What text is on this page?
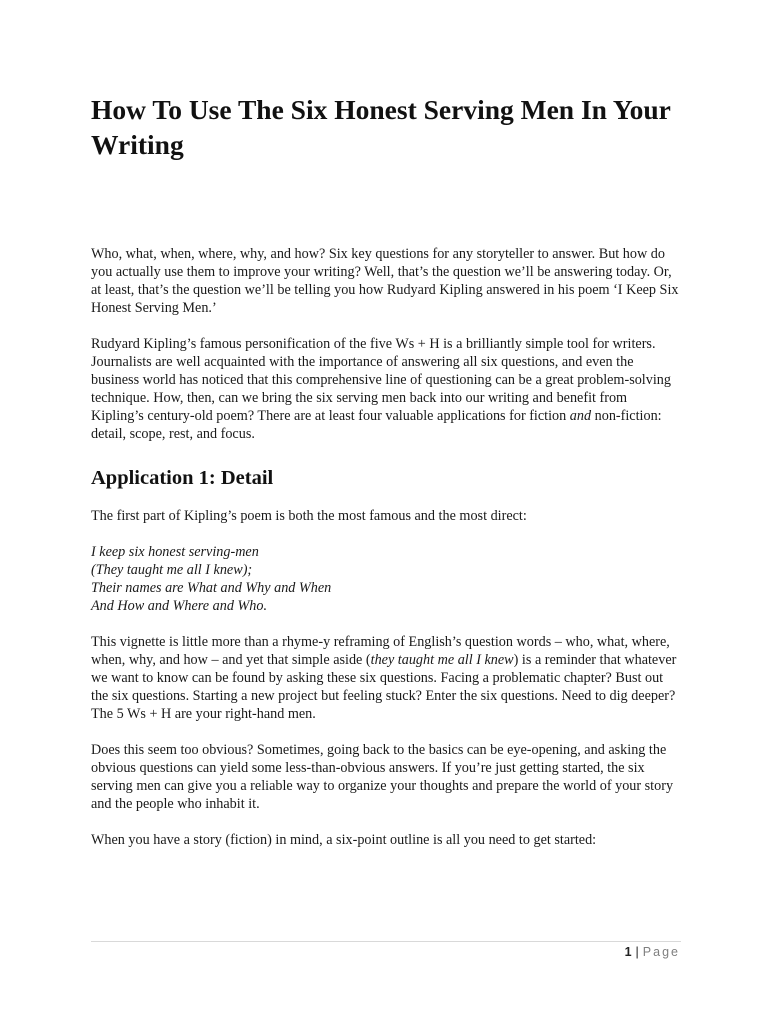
How To Use The Six Honest Serving Men In Your Writing

Who, what, when, where, why, and how? Six key questions for any storyteller to answer. But how do you actually use them to improve your writing? Well, that’s the question we’ll be answering today. Or, at least, that’s the question we’ll be telling you how Rudyard Kipling answered in his poem ‘I Keep Six Honest Serving Men.’

Rudyard Kipling’s famous personification of the five Ws + H is a brilliantly simple tool for writers. Journalists are well acquainted with the importance of answering all six questions, and even the business world has noticed that this comprehensive line of questioning can be a great problem-solving technique. How, then, can we bring the six serving men back into our writing and benefit from Kipling’s century-old poem? There are at least four valuable applications for fiction and non-fiction: detail, scope, rest, and focus.

Application 1: Detail

The first part of Kipling’s poem is both the most famous and the most direct:

I keep six honest serving-men
(They taught me all I knew);
Their names are What and Why and When
And How and Where and Who.

This vignette is little more than a rhyme-y reframing of English’s question words – who, what, where, when, why, and how – and yet that simple aside (they taught me all I knew) is a reminder that whatever we want to know can be found by asking these six questions. Facing a problematic chapter? Bust out the six questions. Starting a new project but feeling stuck? Enter the six questions. Need to dig deeper? The 5 Ws + H are your right-hand men.

Does this seem too obvious? Sometimes, going back to the basics can be eye-opening, and asking the obvious questions can yield some less-than-obvious answers. If you’re just getting started, the six serving men can give you a reliable way to organize your thoughts and prepare the world of your story and the people who inhabit it.

When you have a story (fiction) in mind, a six-point outline is all you need to get started:

1 | Page
